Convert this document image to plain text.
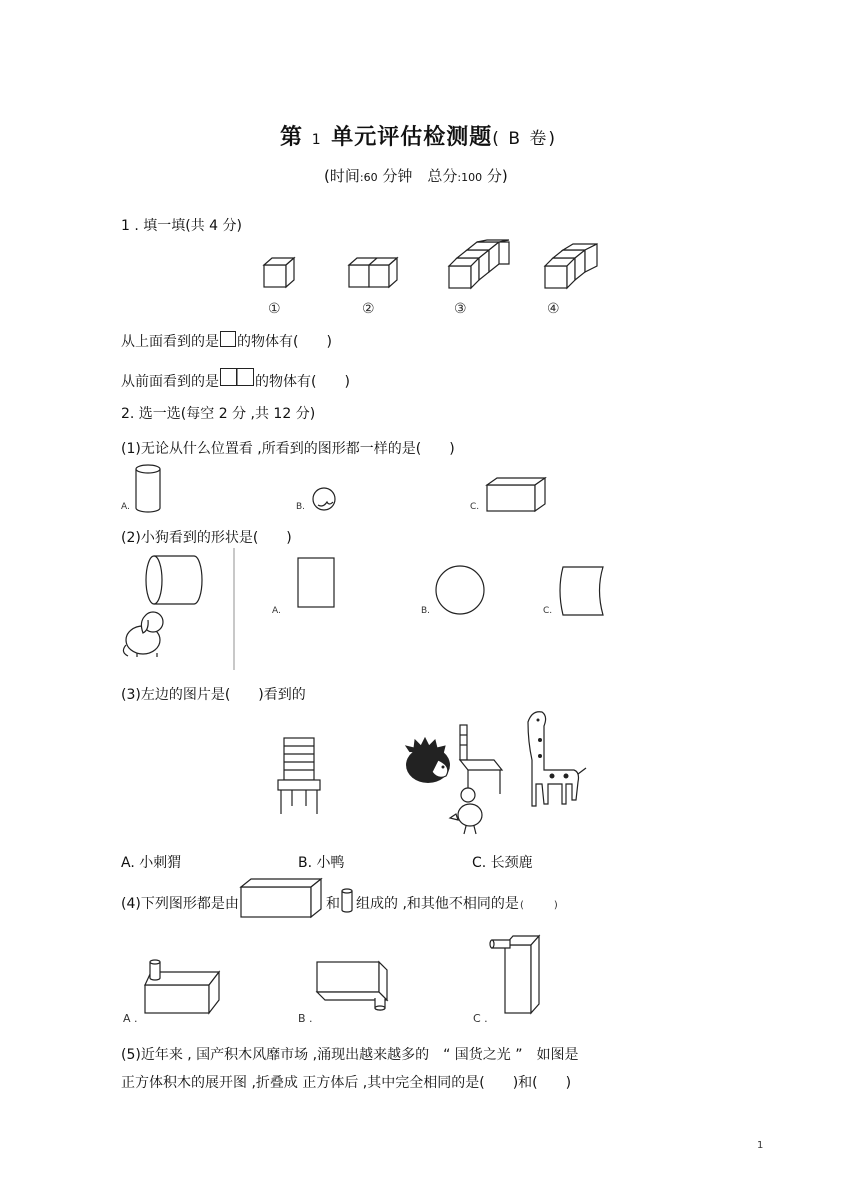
第 1 单元评估检测题( B 卷)
(时间:60 分钟　总分:100 分)
1 . 填一填(共 4 分)
①	②	③	④
从上面看到的是 的物体有(　　)
从前面看到的是	的物体有(　　)
2. 选一选(每空 2 分 ,共 12 分)
(1)无论从什么位置看 ,所看到的图形都一样的是(　　)
A.	B.	C.
(2)小狗看到的形状是(　　)
A.	B.	C.
(3)左边的图片是(　　)看到的
A. 小刺猬	B. 小鸭	C. 长颈鹿
(4)下列图形都是由	和 组成的 ,和其他不相同的是 (　　　)
A .	B .	C .
(5)近年来 , 国产积木风靡市场 ,涌现出越来越多的　“ 国货之光 ”　如图是
正方体积木的展开图 ,折叠成 正方体后 ,其中完全相同的是(　　)和(　　)
1
